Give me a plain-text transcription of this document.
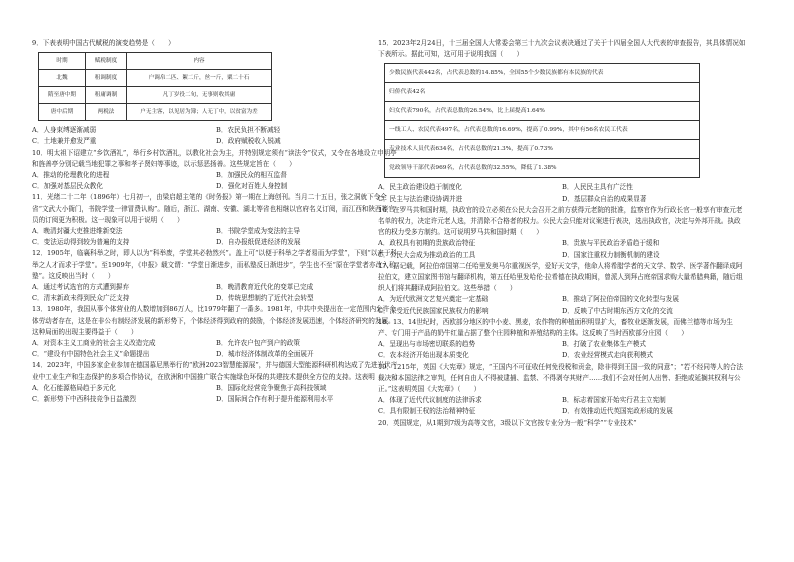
9．下表表明中国古代赋税的演变趋势是（　　）

时期	赋税制度	内容
北魏	租调制度	户调帛二匹、絮二斤，丝一斤，粟二十石
隋至唐中期	租庸调制	凡丁岁役二旬，无事则收其庸
唐中后期	两税法	户无主客，以见居为簿；人无丁中，以贫富为差
A．人身束缚逐渐减弱	B．农民负担不断减轻
C．土地兼并愈发严重	D．政府赋税收入锐减

10．明太祖下诏建立“乡饮酒礼”，举行乡村饮酒礼，以教化社会为主，并特别规定须有“读法令”仪式，又令在各地设立申明亭和旌善亭分别记载当地犯罪之事和孝子贤妇等事迹，以示惩恶扬善。这些规定旨在（　　）

A．推动的伦理教化的进程	B．加强民众的相互监督
C．加强对基层民众教化	D．强化对百姓人身控制

11．光绪二十二年（1896年）七月初一，由梁启超主笔的《时务报》第一期在上海创刊。当月二十五日，张之洞就下令全省“文武大小衙门，书院学堂一律冒费认购”。随后，浙江、湖南、安徽、湖北等省也相继以官府名义订阅，而江西和陕西等官员的订阅更为积极。这一现象可以用于说明（　　）

A．晚清封疆大吏推进维新变法	B．书院学堂成为变法的主导
C．变法运动得到较为普遍的支持	D．自办报纸促进经济的发展

12．1905年，临襄科举之时，即人以为“科举废，学堂其必勃然兴”。盖上可“以便于科举之学者易而为学堂”，下则“以来于科举之人才而求于学堂”。至1909年，《申报》载文谓：“学堂日渐进步，而私塾反日渐进步”，学生也不至“原在学堂者亦改入私塾”。这反映出当时（　　）

A．通过考试选官的方式遭到摒弃	B．晚清教育近代化的变革已完成
C．清末新政未得到民众广泛支持	D．传统思想制约了近代社会转型

13．1980年，我国从事个体营业的人数增加到86万人，比1979年翻了一番多。1981年，中共中央提出在一定范围内允许个体劳动者存在，这是在非公有制经济发展的新形势下，个体经济得到政府的鼓励，个体经济发展迅速，个体经济研究的发展。这种局面的出现主要得益于（　　）

A．对资本主义工商业的社会主义改造完成	B．允许农户包产到户的政策
C．“建设有中国特色社会主义”命题提出	D．城市经济体制改革的全面展开

14．2023年，中国多家企业参加在德国慕尼黑举行的“欧洲2023智慧能源展”，并与德国大型能源科研机构达成了先进光伏产业中工业生产和生态保护的多项合作协议，在欧洲和中国推广联合实施绿色环保的共建技术提供全方位的支持。这表明（　　）

A．化石能源格局趋于多元化	B．国际化经营竞争聚焦于高科技领域
C．新形势下中西科技竞争日益激烈	D．国际间合作有利于提升能源利用水平

15．2023年2月24日，十三届全国人大常委会第三十九次会议表决通过了关于十四届全国人大代表的审查报告，其具体情况如下表所示。据此可知，这可用于说明我国（　　）

少数民族代表442名，占代表总数的14.85%，全国55个少数民族都有本民族的代表
归侨代表42名
妇女代表790名，占代表总数的26.54%，比上届提高1.64%
一线工人、农民代表497名，占代表总数的16.69%，提高了0.99%，其中有56名农民工代表
专业技术人员代表634名，占代表总数的21.3%，提高了0.73%
党政领导干部代表969名，占代表总数的32.55%，降低了1.38%
A．民主政治建设趋于制度化	B．人民民主具有广泛性
C．民主与法治建设协调并进	D．基层群众自治的成果显著

16．在罗马共和国时期，执政官的设立必须在公民大会召开之前方获得元老院的批准，监察官作为行政长官一般享有审查元老名单的权力，决定许元老人选，并清除不合格者的权力。公民大会只能对议案进行表决，选出执政官，决定与外邦开战。执政官的权力受多方制约。这可说明罗马共和国时期（　　）

A．政权具有初期的贵族政治特征	B．贵族与平民政治矛盾趋于缓和
C．公民大会成为推动政治的工具	D．国家注重权力制衡机制的建设

17．据记载，阿拉伯帝国第二任哈里发奥马尔重视医学，爱好天文学，他命人将希腊学者的天文学、数学、医学著作翻译成阿拉伯文，建立国家图书馆与翻译机构，第五任哈里发哈伦·拉希德在执政期间，曾派人到拜占庭帝国求购大量希腊典籍，随后组织人们将其翻译成阿拉伯文。这些举措（　　）

A．为近代欧洲文艺复兴奠定一定基础	B．推动了阿拉伯帝国的文化转型与发展
C．深受近代民族国家民族权力的影响	D．反映了中古时期东西方文化的交流

18．13、14世纪时，西欧部分地区的中小麦、黑麦，农作物的种植面积明显扩大，畜牧业逐渐发展，而佛兰德等市场为生产、专门用于产品的奶牛红量占据了整个庄园种植和养殖结构的主体。这反映了当时西欧部分庄园（　　）

A．呈现出与市场密切联系的趋势	B．打破了农业集体生产模式
C．农本经济开始出现本质变化	D．农业经营模式走向获利模式

19．1215年，英国《大宪章》规定，“王国内不可征收任何免役税和贡金，除非得到王国一致的同意”；“若不经同等人的合法裁决和本国法律之审判，任何自由人不得被逮捕、监禁、不得剥夺其财产……我们不会对任何人出售、拒绝或延搁其权利与公正。”这表明英国《大宪章》（　　）

A．体现了近代代议制度的法律诉求	B．标志着国家开始实行君主立宪制
C．具有限制王权的法治精神特征	D．有效推动近代英国宪政形成的发展

20．英国规定，从1期到7级为高等文官，3级以下文官按专业分为一般“科学”“专业技术”
